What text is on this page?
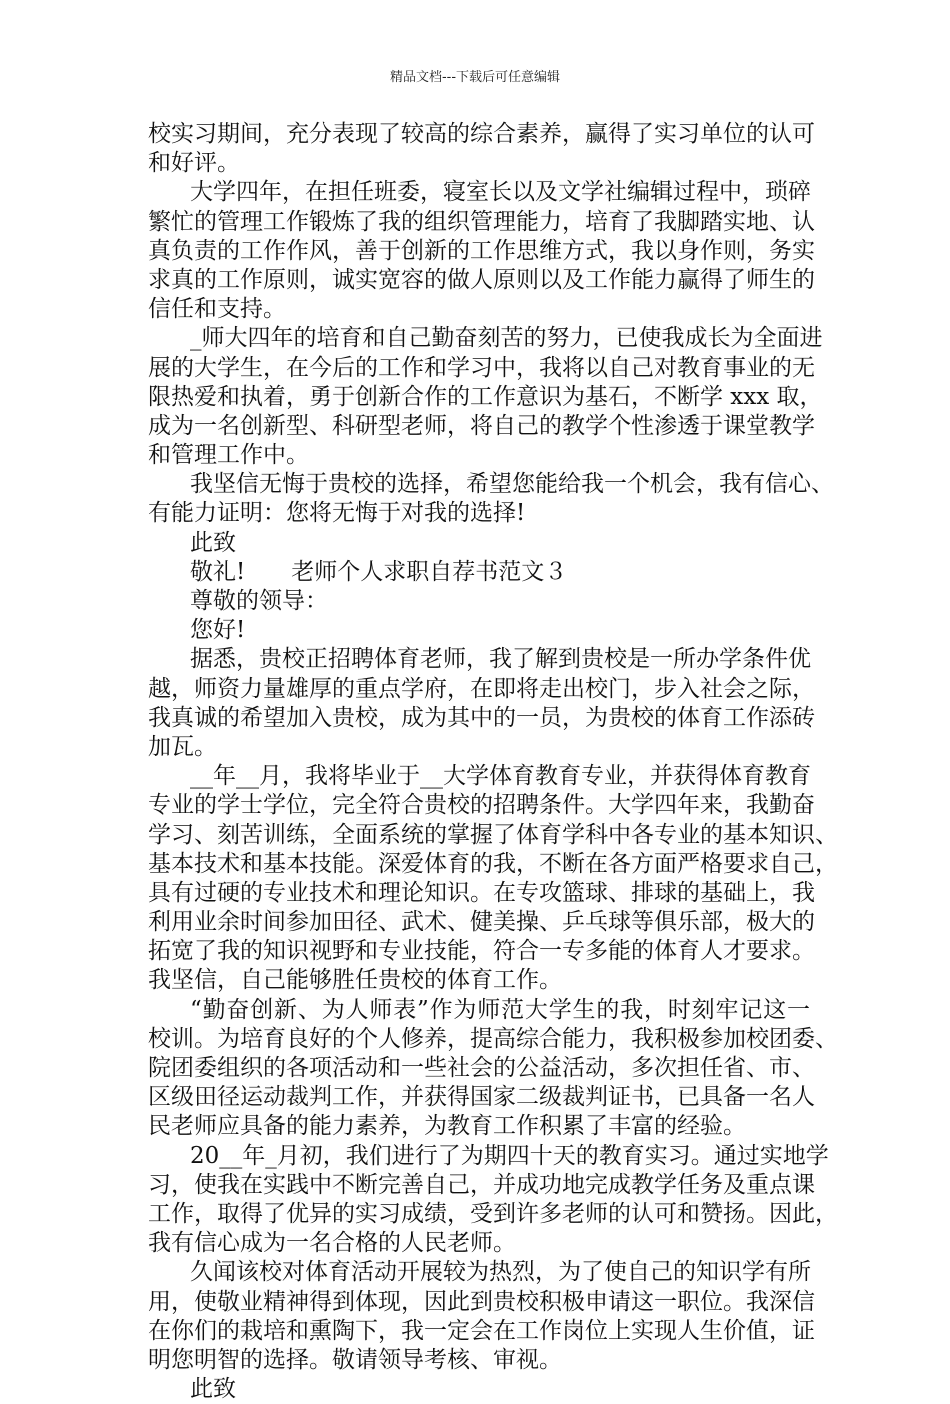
精品文档---下载后可任意编辑
校实习期间，充分表现了较高的综合素养，赢得了实习单位的认可
和好评。
大学四年，在担任班委，寝室长以及文学社编辑过程中，琐碎
繁忙的管理工作锻炼了我的组织管理能力，培育了我脚踏实地、认
真负责的工作作风，善于创新的工作思维方式，我以身作则，务实
求真的工作原则，诚实宽容的做人原则以及工作能力赢得了师生的
信任和支持。
_师大四年的培育和自己勤奋刻苦的努力，已使我成长为全面进
展的大学生，在今后的工作和学习中，我将以自己对教育事业的无
限热爱和执着，勇于创新合作的工作意识为基石，不断学 xxx 取，
成为一名创新型、科研型老师，将自己的教学个性渗透于课堂教学
和管理工作中。
我坚信无悔于贵校的选择，希望您能给我一个机会，我有信心、
有能力证明：您将无悔于对我的选择!
此致
敬礼!　　老师个人求职自荐书范文３
尊敬的领导：
您好!
据悉，贵校正招聘体育老师，我了解到贵校是一所办学条件优
越，师资力量雄厚的重点学府，在即将走出校门，步入社会之际，
我真诚的希望加入贵校，成为其中的一员，为贵校的体育工作添砖
加瓦。
__年__月，我将毕业于__大学体育教育专业，并获得体育教育
专业的学士学位，完全符合贵校的招聘条件。大学四年来，我勤奋
学习、刻苦训练，全面系统的掌握了体育学科中各专业的基本知识、
基本技术和基本技能。深爱体育的我，不断在各方面严格要求自己，
具有过硬的专业技术和理论知识。在专攻篮球、排球的基础上，我
利用业余时间参加田径、武术、健美操、乒乓球等俱乐部，极大的
拓宽了我的知识视野和专业技能，符合一专多能的体育人才要求。
我坚信，自己能够胜任贵校的体育工作。
“勤奋创新、为人师表”作为师范大学生的我，时刻牢记这一
校训。为培育良好的个人修养，提高综合能力，我积极参加校团委、
院团委组织的各项活动和一些社会的公益活动，多次担任省、市、
区级田径运动裁判工作，并获得国家二级裁判证书，已具备一名人
民老师应具备的能力素养，为教育工作积累了丰富的经验。
20__年_月初，我们进行了为期四十天的教育实习。通过实地学
习，使我在实践中不断完善自己，并成功地完成教学任务及重点课
工作，取得了优异的实习成绩，受到许多老师的认可和赞扬。因此，
我有信心成为一名合格的人民老师。
久闻该校对体育活动开展较为热烈，为了使自己的知识学有所
用，使敬业精神得到体现，因此到贵校积极申请这一职位。我深信
在你们的栽培和熏陶下，我一定会在工作岗位上实现人生价值，证
明您明智的选择。敬请领导考核、审视。
此致
